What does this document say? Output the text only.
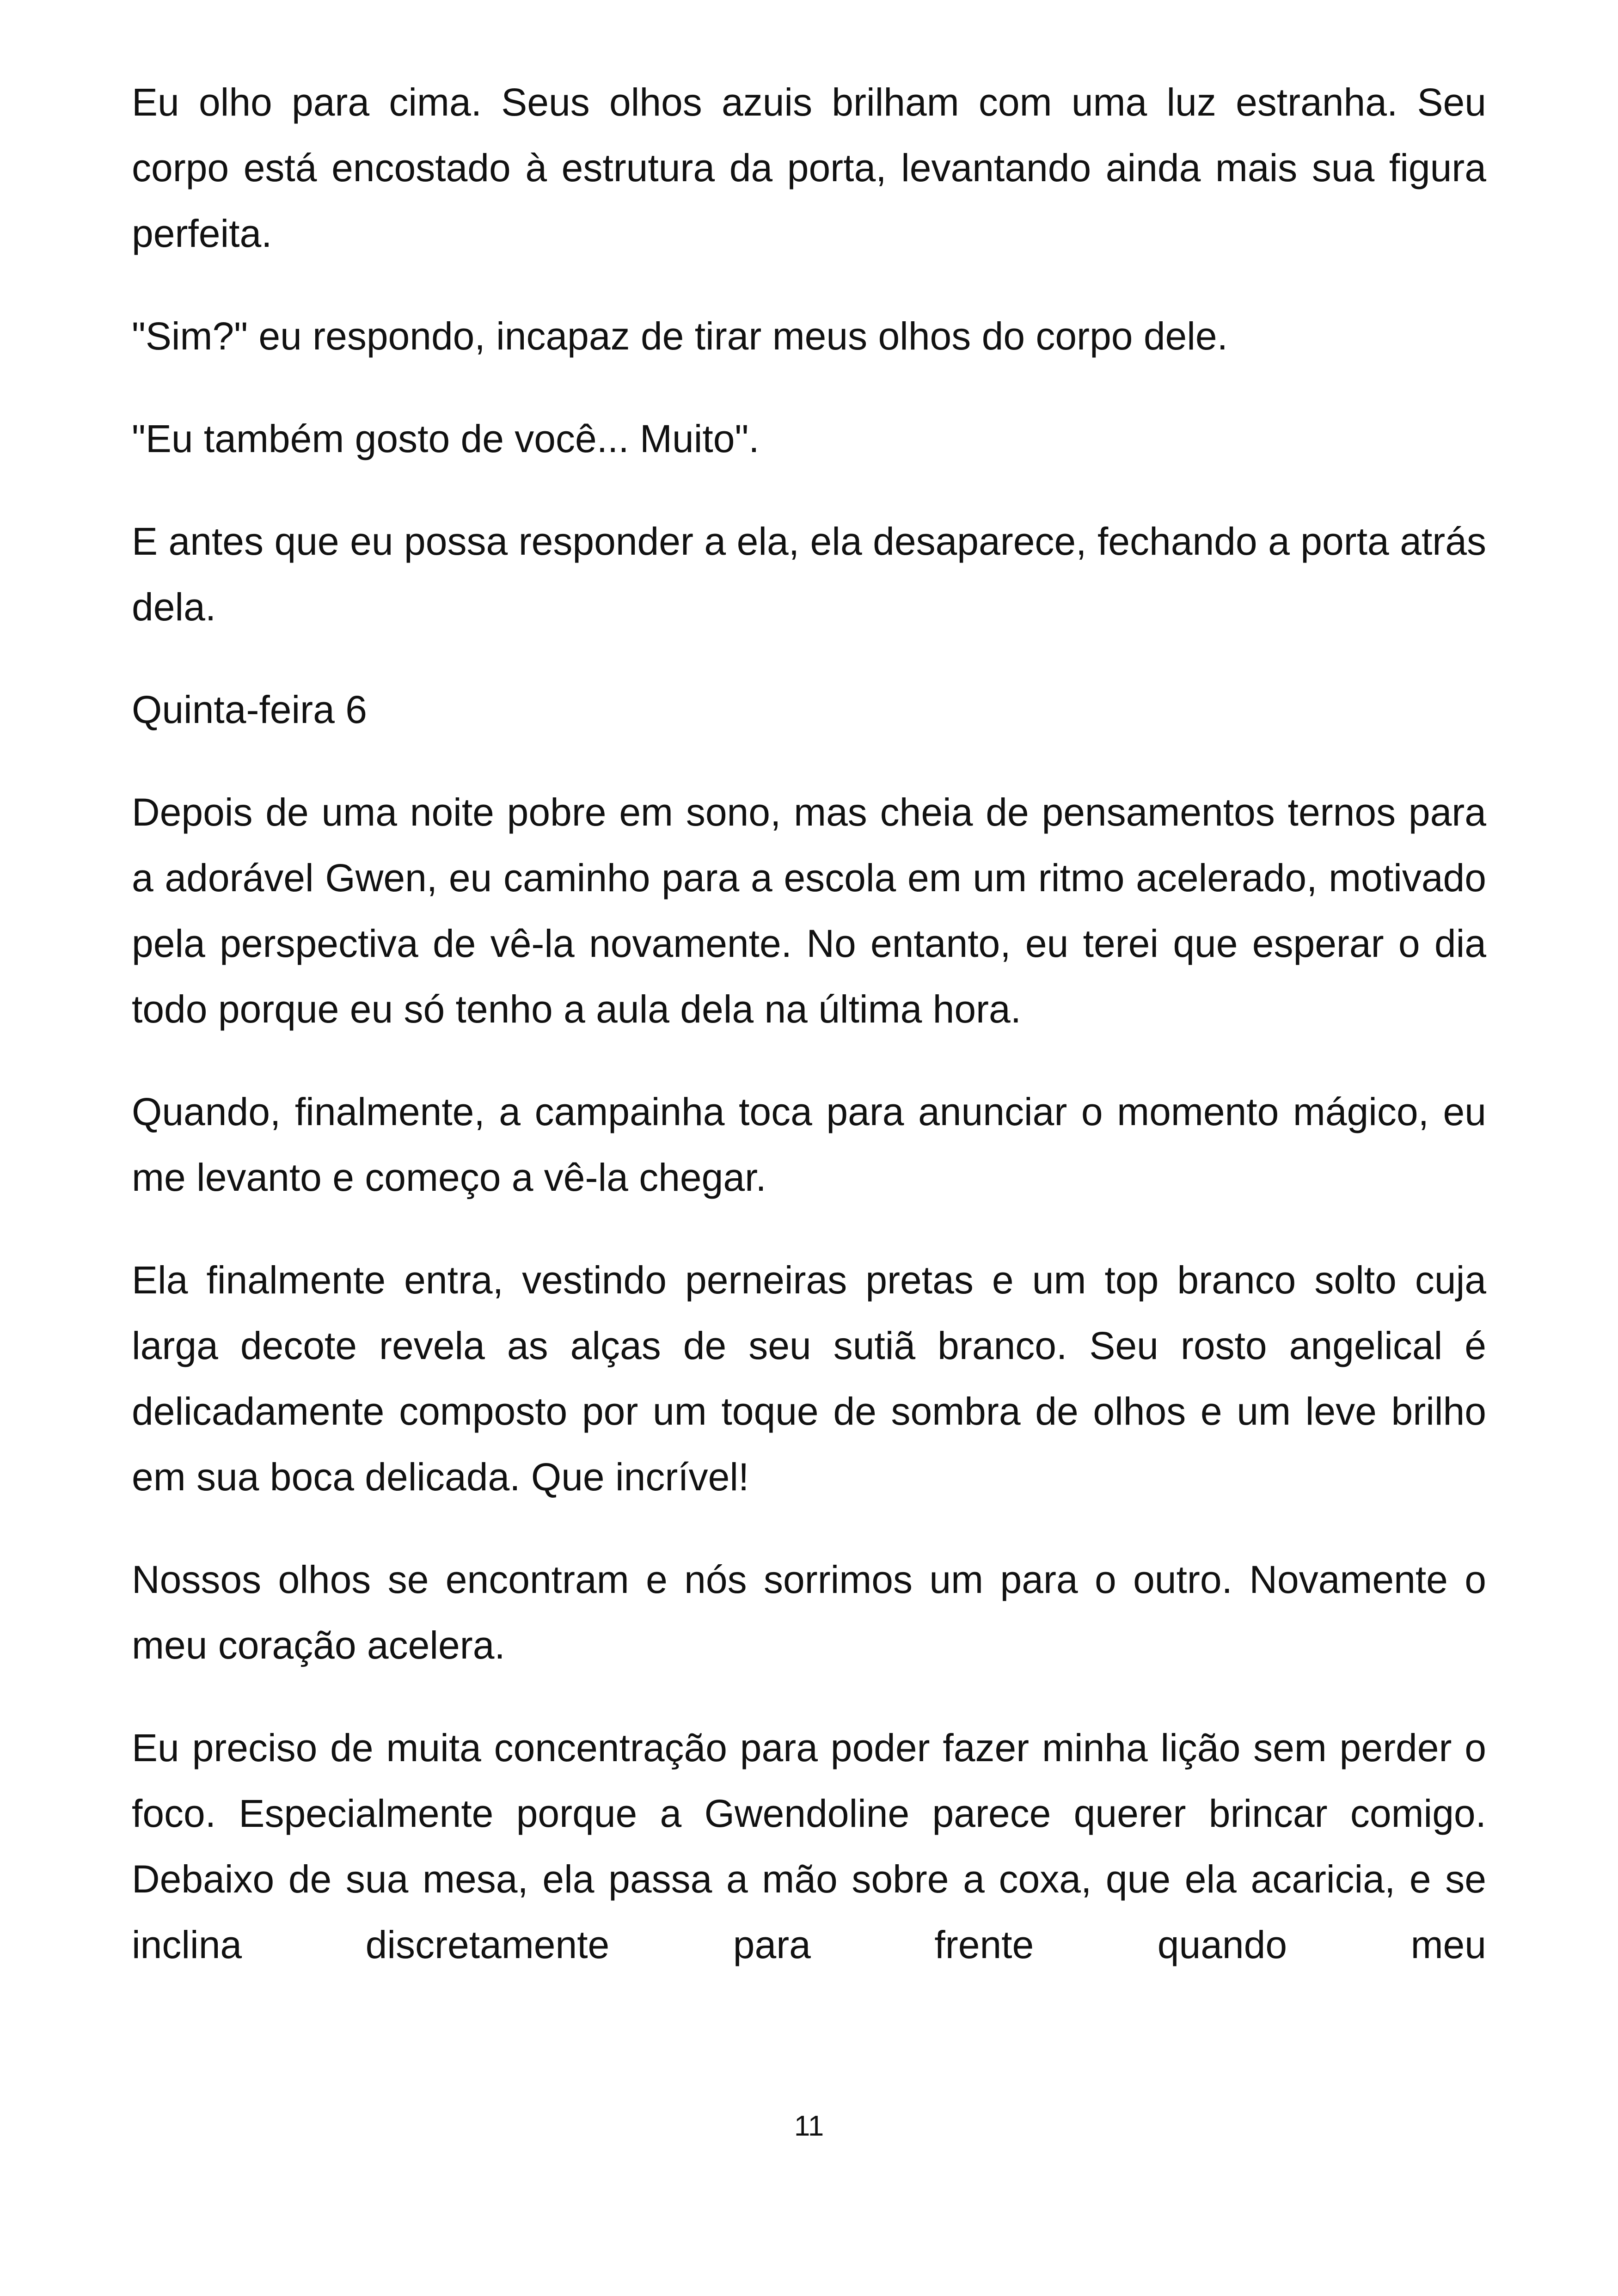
Eu olho para cima. Seus olhos azuis brilham com uma luz estranha. Seu corpo está encostado à estrutura da porta, levantando ainda mais sua figura perfeita.

"Sim?" eu respondo, incapaz de tirar meus olhos do corpo dele.

"Eu também gosto de você... Muito".

E antes que eu possa responder a ela, ela desaparece, fechando a porta atrás dela.

Quinta-feira 6

Depois de uma noite pobre em sono, mas cheia de pensamentos ternos para a adorável Gwen, eu caminho para a escola em um ritmo acelerado, motivado pela perspectiva de vê-la novamente. No entanto, eu terei que esperar o dia todo porque eu só tenho a aula dela na última hora.

Quando, finalmente, a campainha toca para anunciar o momento mágico, eu me levanto e começo a vê-la chegar.

Ela finalmente entra, vestindo perneiras pretas e um top branco solto cuja larga decote revela as alças de seu sutiã branco. Seu rosto angelical é delicadamente composto por um toque de sombra de olhos e um leve brilho em sua boca delicada. Que incrível!

Nossos olhos se encontram e nós sorrimos um para o outro. Novamente o meu coração acelera.

Eu preciso de muita concentração para poder fazer minha lição sem perder o foco. Especialmente porque a Gwendoline parece querer brincar comigo. Debaixo de sua mesa, ela passa a mão sobre a coxa, que ela acaricia, e se inclina discretamente para frente quando meu

11
